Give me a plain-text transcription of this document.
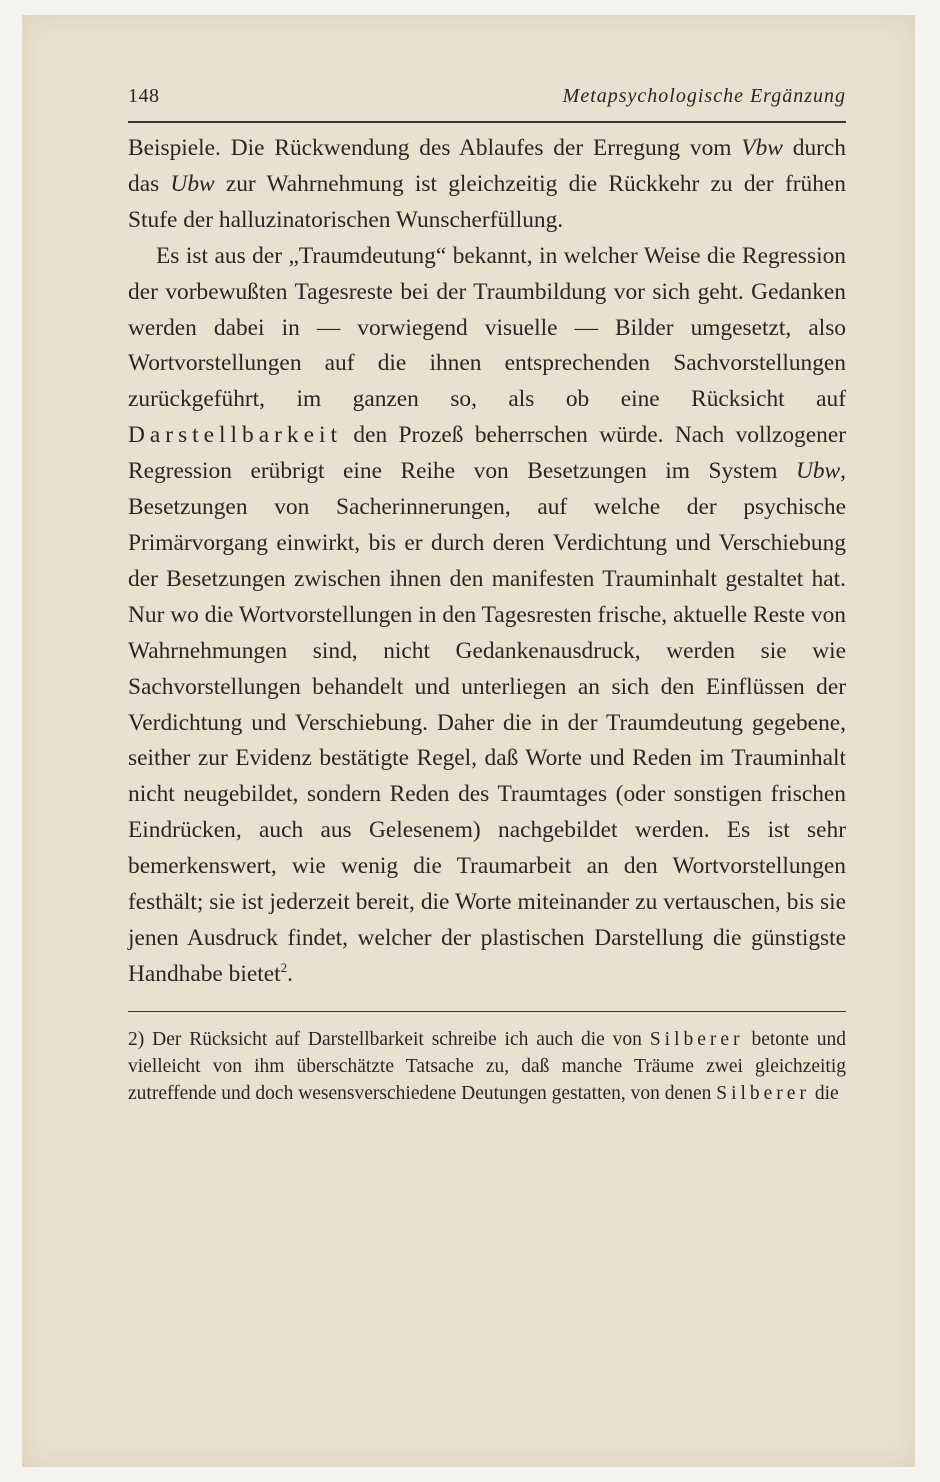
148	Metapsychologische Ergänzung

Beispiele. Die Rückwendung des Ablaufes der Erregung vom Vbw durch das Ubw zur Wahrnehmung ist gleichzeitig die Rückkehr zu der frühen Stufe der halluzinatorischen Wunscherfüllung.

Es ist aus der „Traumdeutung“ bekannt, in welcher Weise die Regression der vorbewußten Tagesreste bei der Traumbildung vor sich geht. Gedanken werden dabei in — vorwiegend visuelle — Bilder umgesetzt, also Wortvorstellungen auf die ihnen entsprechenden Sachvorstellungen zurückgeführt, im ganzen so, als ob eine Rücksicht auf Darstellbarkeit den Prozeß beherrschen würde. Nach vollzogener Regression erübrigt eine Reihe von Besetzungen im System Ubw, Besetzungen von Sacherinnerungen, auf welche der psychische Primärvorgang einwirkt, bis er durch deren Verdichtung und Verschiebung der Besetzungen zwischen ihnen den manifesten Trauminhalt gestaltet hat. Nur wo die Wortvorstellungen in den Tagesresten frische, aktuelle Reste von Wahrnehmungen sind, nicht Gedankenausdruck, werden sie wie Sachvorstellungen behandelt und unterliegen an sich den Einflüssen der Verdichtung und Verschiebung. Daher die in der Traumdeutung gegebene, seither zur Evidenz bestätigte Regel, daß Worte und Reden im Trauminhalt nicht neugebildet, sondern Reden des Traumtages (oder sonstigen frischen Eindrücken, auch aus Gelesenem) nachgebildet werden. Es ist sehr bemerkenswert, wie wenig die Traumarbeit an den Wortvorstellungen festhält; sie ist jederzeit bereit, die Worte miteinander zu vertauschen, bis sie jenen Ausdruck findet, welcher der plastischen Darstellung die günstigste Handhabe bietet$^2$.

2) Der Rücksicht auf Darstellbarkeit schreibe ich auch die von Silberer betonte und vielleicht von ihm überschätzte Tatsache zu, daß manche Träume zwei gleichzeitig zutreffende und doch wesensverschiedene Deutungen gestatten, von denen Silberer die
